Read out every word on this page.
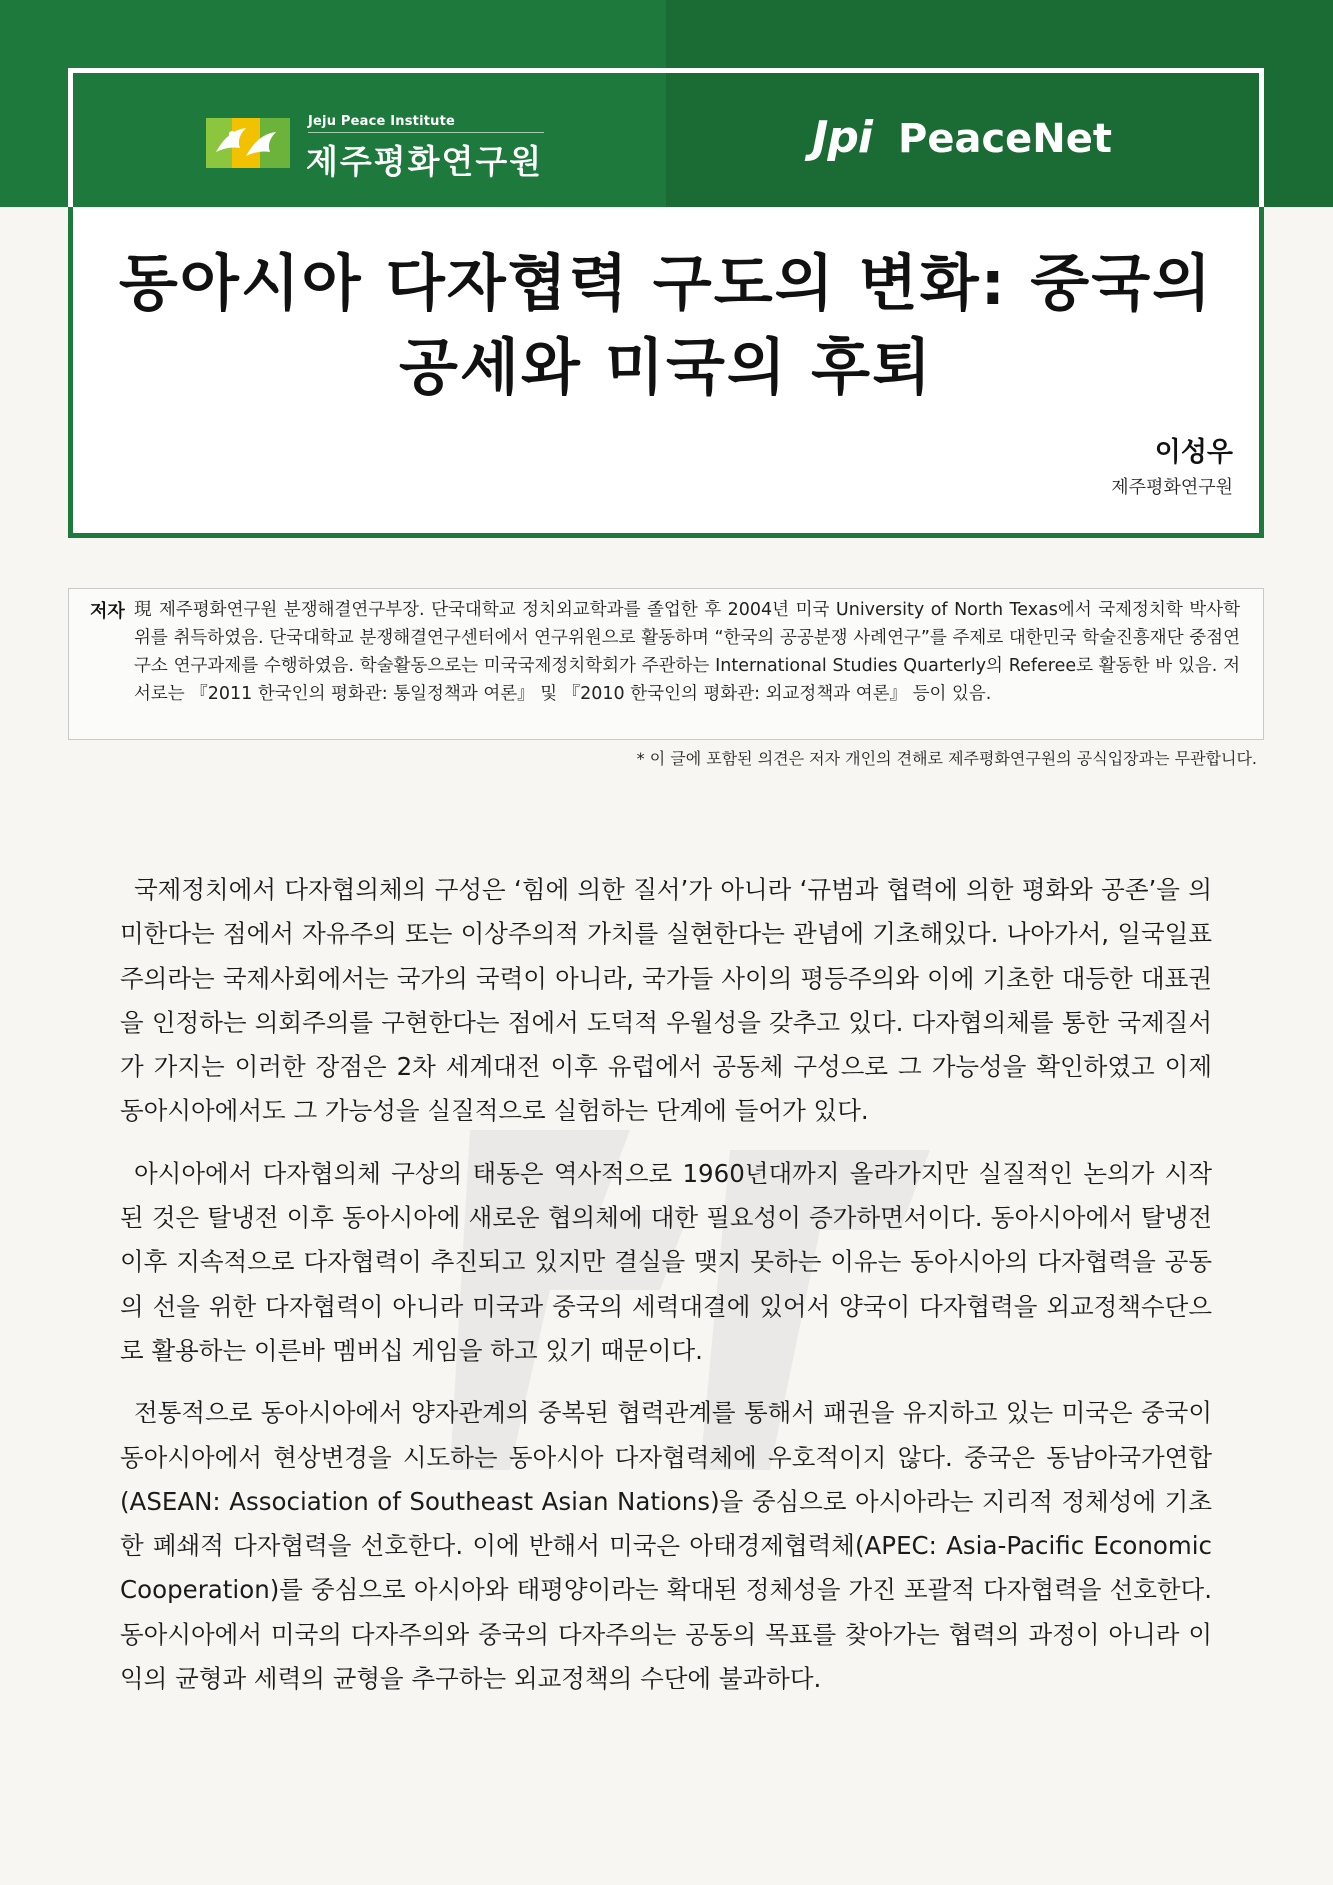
Jeju Peace Institute
제주평화연구원	Jpi PeaceNet
동아시아 다자협력 구도의 변화: 중국의 공세와 미국의 후퇴
이성우
제주평화연구원
저자 現 제주평화연구원 분쟁해결연구부장. 단국대학교 정치외교학과를 졸업한 후 2004년 미국 University of North Texas에서 국제정치학 박사학위를 취득하였음. 단국대학교 분쟁해결연구센터에서 연구위원으로 활동하며 “한국의 공공분쟁 사례연구”를 주제로 대한민국 학술진흥재단 중점연구소 연구과제를 수행하였음. 학술활동으로는 미국국제정치학회가 주관하는 International Studies Quarterly의 Referee로 활동한 바 있음. 저서로는 『2011 한국인의 평화관: 통일정책과 여론』 및 『2010 한국인의 평화관: 외교정책과 여론』 등이 있음.
* 이 글에 포함된 의견은 저자 개인의 견해로 제주평화연구원의 공식입장과는 무관합니다.

국제정치에서 다자협의체의 구성은 ‘힘에 의한 질서’가 아니라 ‘규범과 협력에 의한 평화와 공존’을 의미한다는 점에서 자유주의 또는 이상주의적 가치를 실현한다는 관념에 기초해있다. 나아가서, 일국일표주의라는 국제사회에서는 국가의 국력이 아니라, 국가들 사이의 평등주의와 이에 기초한 대등한 대표권을 인정하는 의회주의를 구현한다는 점에서 도덕적 우월성을 갖추고 있다. 다자협의체를 통한 국제질서가 가지는 이러한 장점은 2차 세계대전 이후 유럽에서 공동체 구성으로 그 가능성을 확인하였고 이제 동아시아에서도 그 가능성을 실질적으로 실험하는 단계에 들어가 있다.

아시아에서 다자협의체 구상의 태동은 역사적으로 1960년대까지 올라가지만 실질적인 논의가 시작된 것은 탈냉전 이후 동아시아에 새로운 협의체에 대한 필요성이 증가하면서이다. 동아시아에서 탈냉전 이후 지속적으로 다자협력이 추진되고 있지만 결실을 맺지 못하는 이유는 동아시아의 다자협력을 공동의 선을 위한 다자협력이 아니라 미국과 중국의 세력대결에 있어서 양국이 다자협력을 외교정책수단으로 활용하는 이른바 멤버십 게임을 하고 있기 때문이다.

전통적으로 동아시아에서 양자관계의 중복된 협력관계를 통해서 패권을 유지하고 있는 미국은 중국이 동아시아에서 현상변경을 시도하는 동아시아 다자협력체에 우호적이지 않다. 중국은 동남아국가연합(ASEAN: Association of Southeast Asian Nations)을 중심으로 아시아라는 지리적 정체성에 기초한 폐쇄적 다자협력을 선호한다. 이에 반해서 미국은 아태경제협력체(APEC: Asia-Pacific Economic Cooperation)를 중심으로 아시아와 태평양이라는 확대된 정체성을 가진 포괄적 다자협력을 선호한다. 동아시아에서 미국의 다자주의와 중국의 다자주의는 공동의 목표를 찾아가는 협력의 과정이 아니라 이익의 균형과 세력의 균형을 추구하는 외교정책의 수단에 불과하다.
